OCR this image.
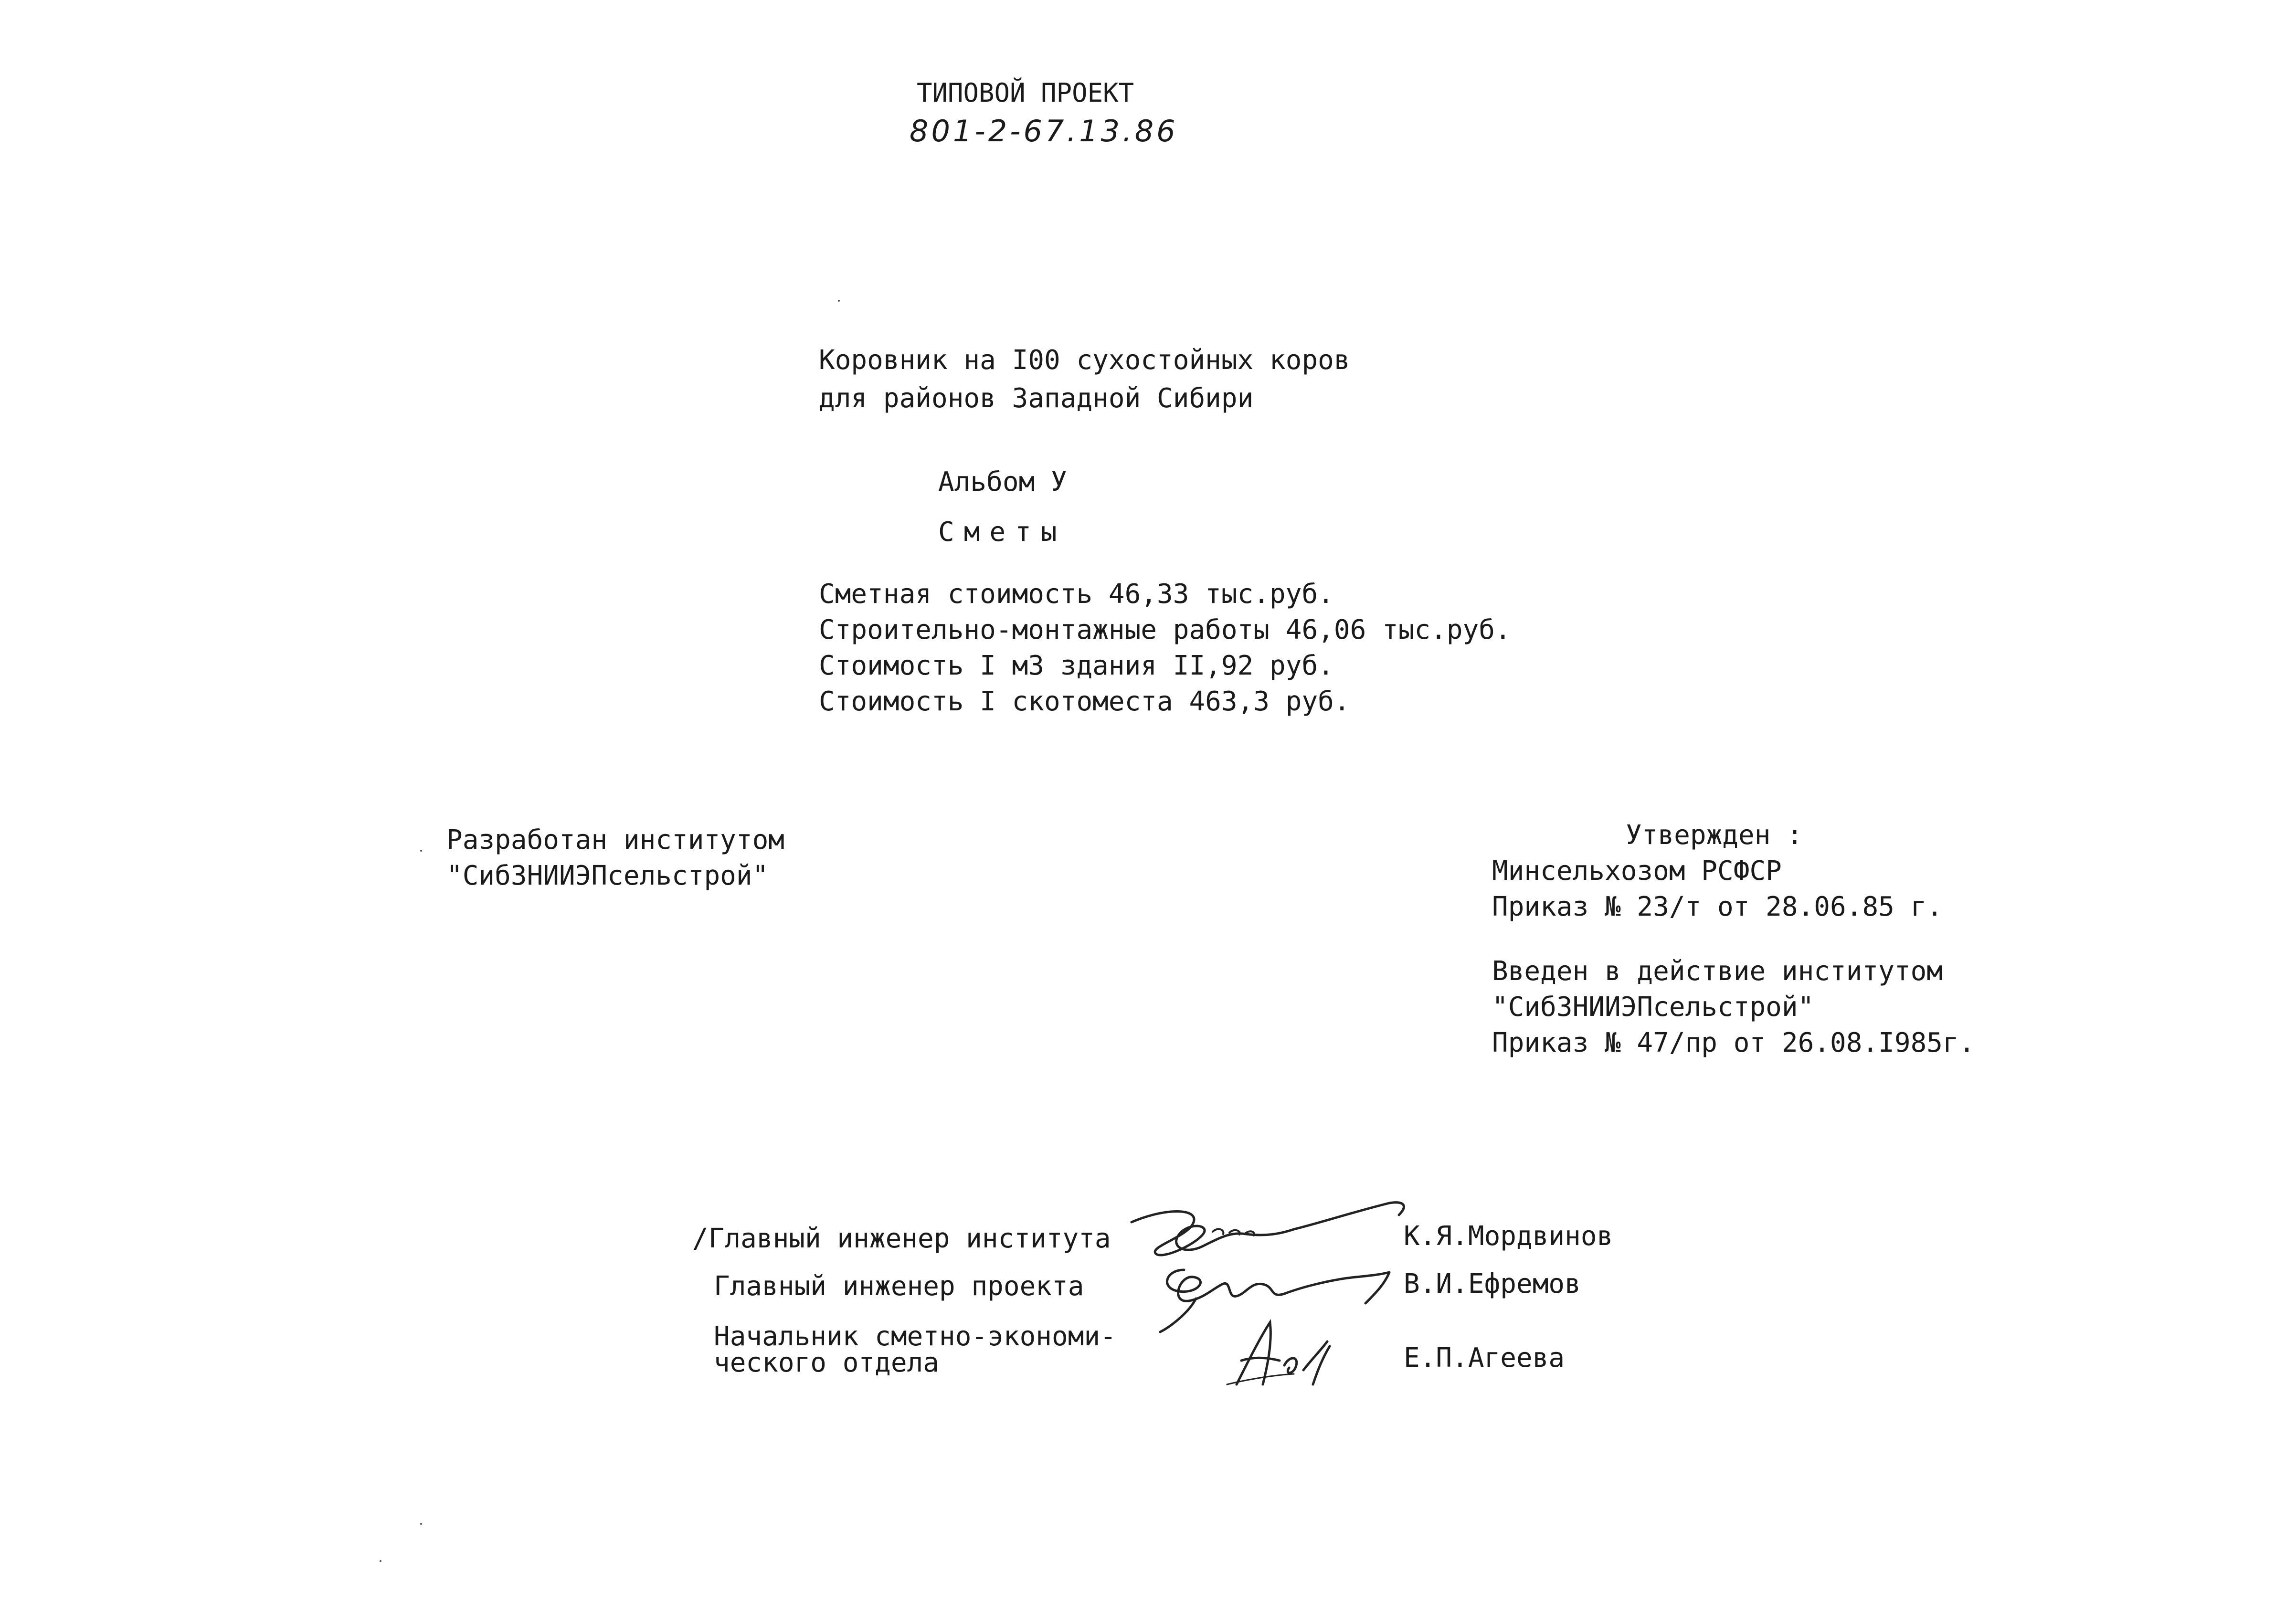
ТИПОВОЙ ПРОЕКТ
801-2-67.13.86
Коровник на I00 сухостойных коров
для районов Западной Сибири
Альбом У
Сметы
Сметная стоимость 46,33 тыс.руб.
Строительно-монтажные работы 46,06 тыс.руб.
Стоимость I м3 здания II,92 руб.
Стоимость I скотоместа 463,3 руб.
Разработан институтом
"СибЗНИИЭПсельстрой"
Утвержден :
Минсельхозом РСФСР
Приказ № 23/т от 28.06.85 г.
Введен в действие институтом
"СибЗНИИЭПсельстрой"
Приказ № 47/пр от 26.08.I985г.
/Главный инженер института	К.Я.Мордвинов
Главный инженер проекта	В.И.Ефремов
Начальник сметно-экономи-
ческого отдела	Е.П.Агеева
